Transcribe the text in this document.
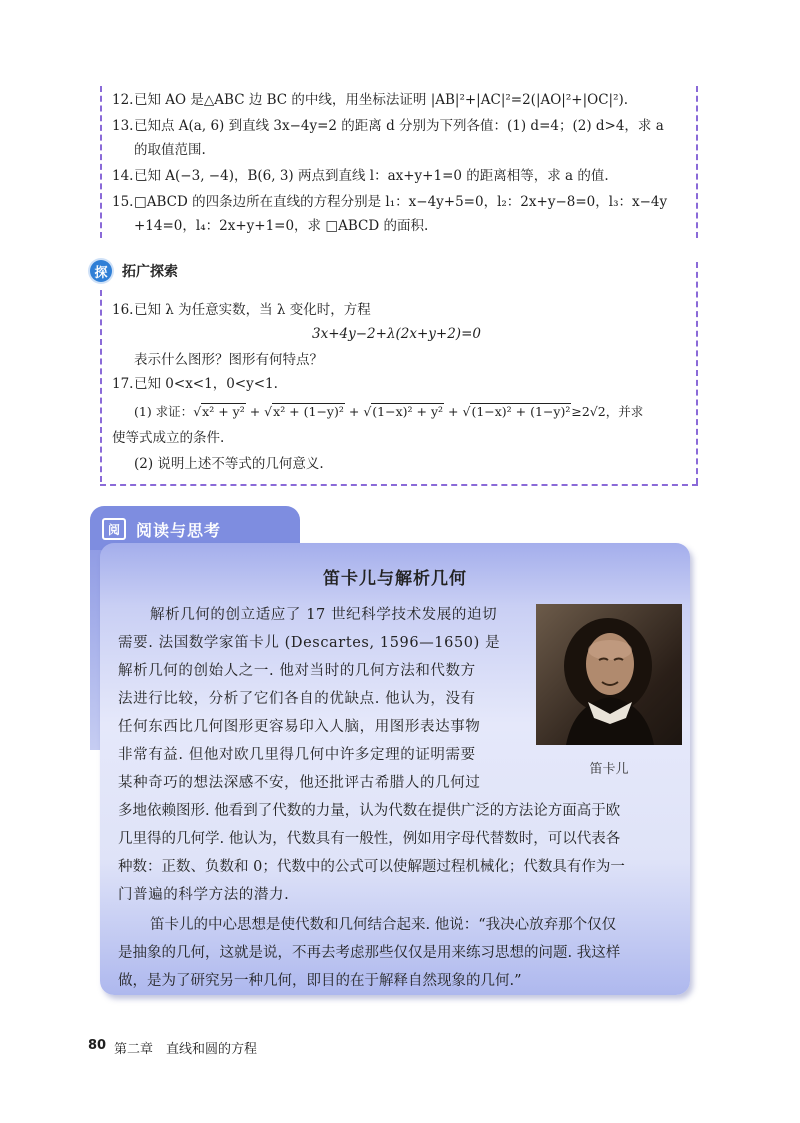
12.已知 AO 是△ABC 边 BC 的中线，用坐标法证明 |AB|²+|AC|²=2(|AO|²+|OC|²).
13.已知点 A(a, 6) 到直线 3x−4y=2 的距离 d 分别为下列各值：(1) d=4；(2) d>4，求 a
的取值范围.
14.已知 A(−3, −4)，B(6, 3) 两点到直线 l：ax+y+1=0 的距离相等，求 a 的值.
15.□ABCD 的四条边所在直线的方程分别是 l₁：x−4y+5=0，l₂：2x+y−8=0，l₃：x−4y
+14=0，l₄：2x+y+1=0，求 □ABCD 的面积.
探	拓广探索
16.已知 λ 为任意实数，当 λ 变化时，方程
3x+4y−2+λ(2x+y+2)=0
表示什么图形？图形有何特点？
17.已知 0<x<1，0<y<1.
(1) 求证：√x² + y² + √x² + (1−y)² + √(1−x)² + y² + √(1−x)² + (1−y)²≥2√2，并求
使等式成立的条件.
(2) 说明上述不等式的几何意义.
阅	阅读与思考
笛卡儿与解析几何
解析几何的创立适应了 17 世纪科学技术发展的迫切
需要. 法国数学家笛卡儿 (Descartes, 1596—1650) 是
解析几何的创始人之一. 他对当时的几何方法和代数方
法进行比较，分析了它们各自的优缺点. 他认为，没有
任何东西比几何图形更容易印入人脑，用图形表达事物
非常有益. 但他对欧几里得几何中许多定理的证明需要
某种奇巧的想法深感不安，他还批评古希腊人的几何过
多地依赖图形. 他看到了代数的力量，认为代数在提供广泛的方法论方面高于欧
几里得的几何学. 他认为，代数具有一般性，例如用字母代替数时，可以代表各
种数：正数、负数和 0；代数中的公式可以使解题过程机械化；代数具有作为一
门普遍的科学方法的潜力.
笛卡儿的中心思想是使代数和几何结合起来. 他说：“我决心放弃那个仅仅
是抽象的几何，这就是说，不再去考虑那些仅仅是用来练习思想的问题. 我这样
做，是为了研究另一种几何，即目的在于解释自然现象的几何.”
笛卡儿
80 第二章　直线和圆的方程
